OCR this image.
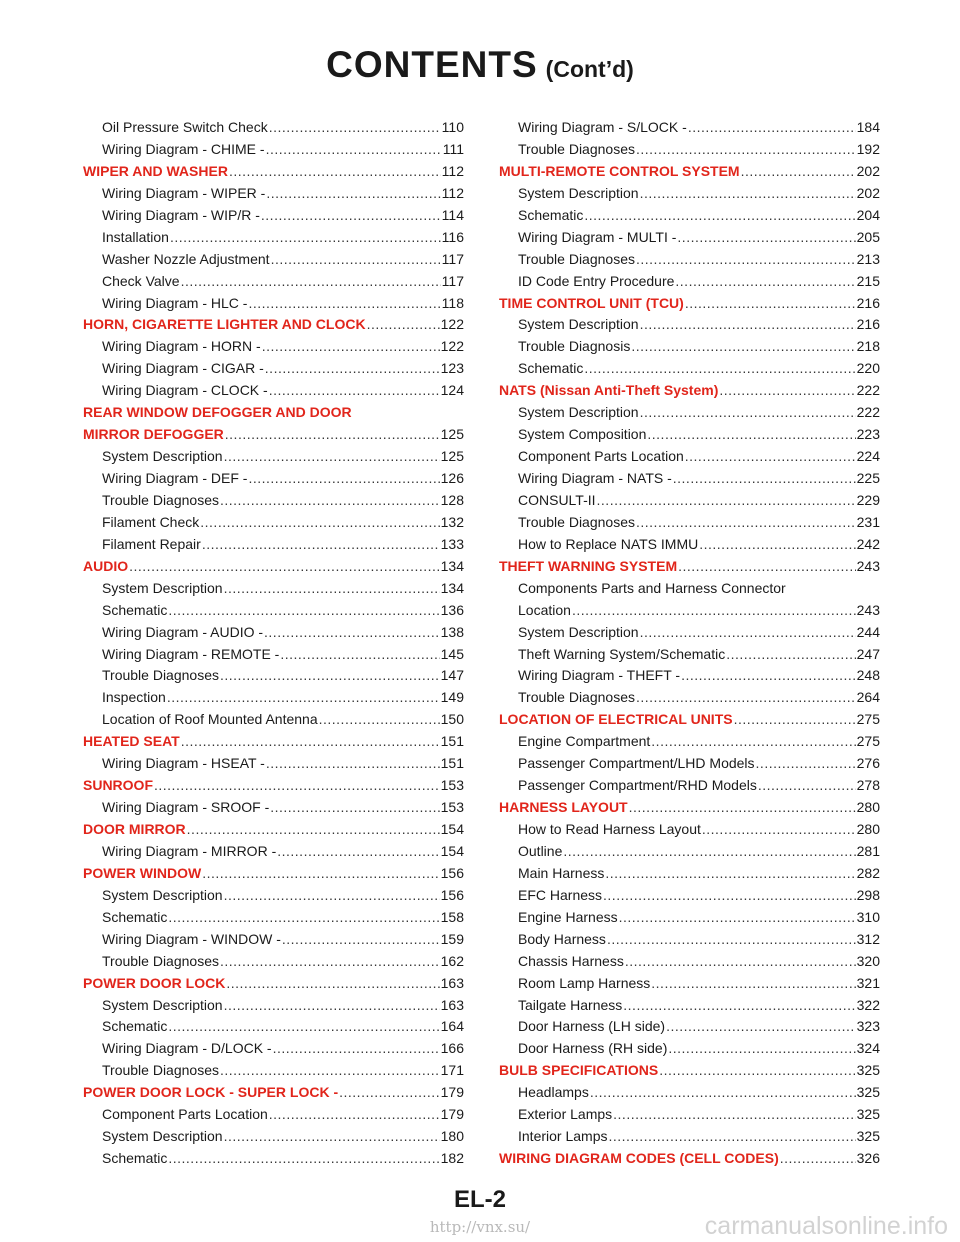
CONTENTS (Cont’d)
Oil Pressure Switch Check .....	110
Wiring Diagram - CHIME - .....	111
WIPER AND WASHER .....	112
Wiring Diagram - WIPER - .....	112
Wiring Diagram - WIP/R - .....	114
Installation .....	116
Washer Nozzle Adjustment .....	117
Check Valve .....	117
Wiring Diagram - HLC - .....	118
HORN, CIGARETTE LIGHTER AND CLOCK .....	122
Wiring Diagram - HORN - .....	122
Wiring Diagram - CIGAR - .....	123
Wiring Diagram - CLOCK - .....	124
REAR WINDOW DEFOGGER AND DOOR
MIRROR DEFOGGER .....	125
System Description .....	125
Wiring Diagram - DEF - .....	126
Trouble Diagnoses .....	128
Filament Check .....	132
Filament Repair .....	133
AUDIO .....	134
System Description .....	134
Schematic .....	136
Wiring Diagram - AUDIO - .....	138
Wiring Diagram - REMOTE - .....	145
Trouble Diagnoses .....	147
Inspection .....	149
Location of Roof Mounted Antenna .....	150
HEATED SEAT .....	151
Wiring Diagram - HSEAT - .....	151
SUNROOF .....	153
Wiring Diagram - SROOF - .....	153
DOOR MIRROR .....	154
Wiring Diagram - MIRROR - .....	154
POWER WINDOW .....	156
System Description .....	156
Schematic .....	158
Wiring Diagram - WINDOW - .....	159
Trouble Diagnoses .....	162
POWER DOOR LOCK .....	163
System Description .....	163
Schematic .....	164
Wiring Diagram - D/LOCK - .....	166
Trouble Diagnoses .....	171
POWER DOOR LOCK - SUPER LOCK - .....	179
Component Parts Location .....	179
System Description .....	180
Schematic .....	182
Wiring Diagram - S/LOCK - .....	184
Trouble Diagnoses .....	192
MULTI-REMOTE CONTROL SYSTEM .....	202
System Description .....	202
Schematic .....	204
Wiring Diagram - MULTI - .....	205
Trouble Diagnoses .....	213
ID Code Entry Procedure .....	215
TIME CONTROL UNIT (TCU) .....	216
System Description .....	216
Trouble Diagnosis .....	218
Schematic .....	220
NATS (Nissan Anti-Theft System) .....	222
System Description .....	222
System Composition .....	223
Component Parts Location .....	224
Wiring Diagram - NATS - .....	225
CONSULT-II .....	229
Trouble Diagnoses .....	231
How to Replace NATS IMMU .....	242
THEFT WARNING SYSTEM .....	243
Components Parts and Harness Connector
Location .....	243
System Description .....	244
Theft Warning System/Schematic .....	247
Wiring Diagram - THEFT - .....	248
Trouble Diagnoses .....	264
LOCATION OF ELECTRICAL UNITS .....	275
Engine Compartment .....	275
Passenger Compartment/LHD Models .....	276
Passenger Compartment/RHD Models .....	278
HARNESS LAYOUT .....	280
How to Read Harness Layout .....	280
Outline .....	281
Main Harness .....	282
EFC Harness .....	298
Engine Harness .....	310
Body Harness .....	312
Chassis Harness .....	320
Room Lamp Harness .....	321
Tailgate Harness .....	322
Door Harness (LH side) .....	323
Door Harness (RH side) .....	324
BULB SPECIFICATIONS .....	325
Headlamps .....	325
Exterior Lamps .....	325
Interior Lamps .....	325
WIRING DIAGRAM CODES (CELL CODES) .....	326
EL-2
http://vnx.su/	carmanualsonline.info
